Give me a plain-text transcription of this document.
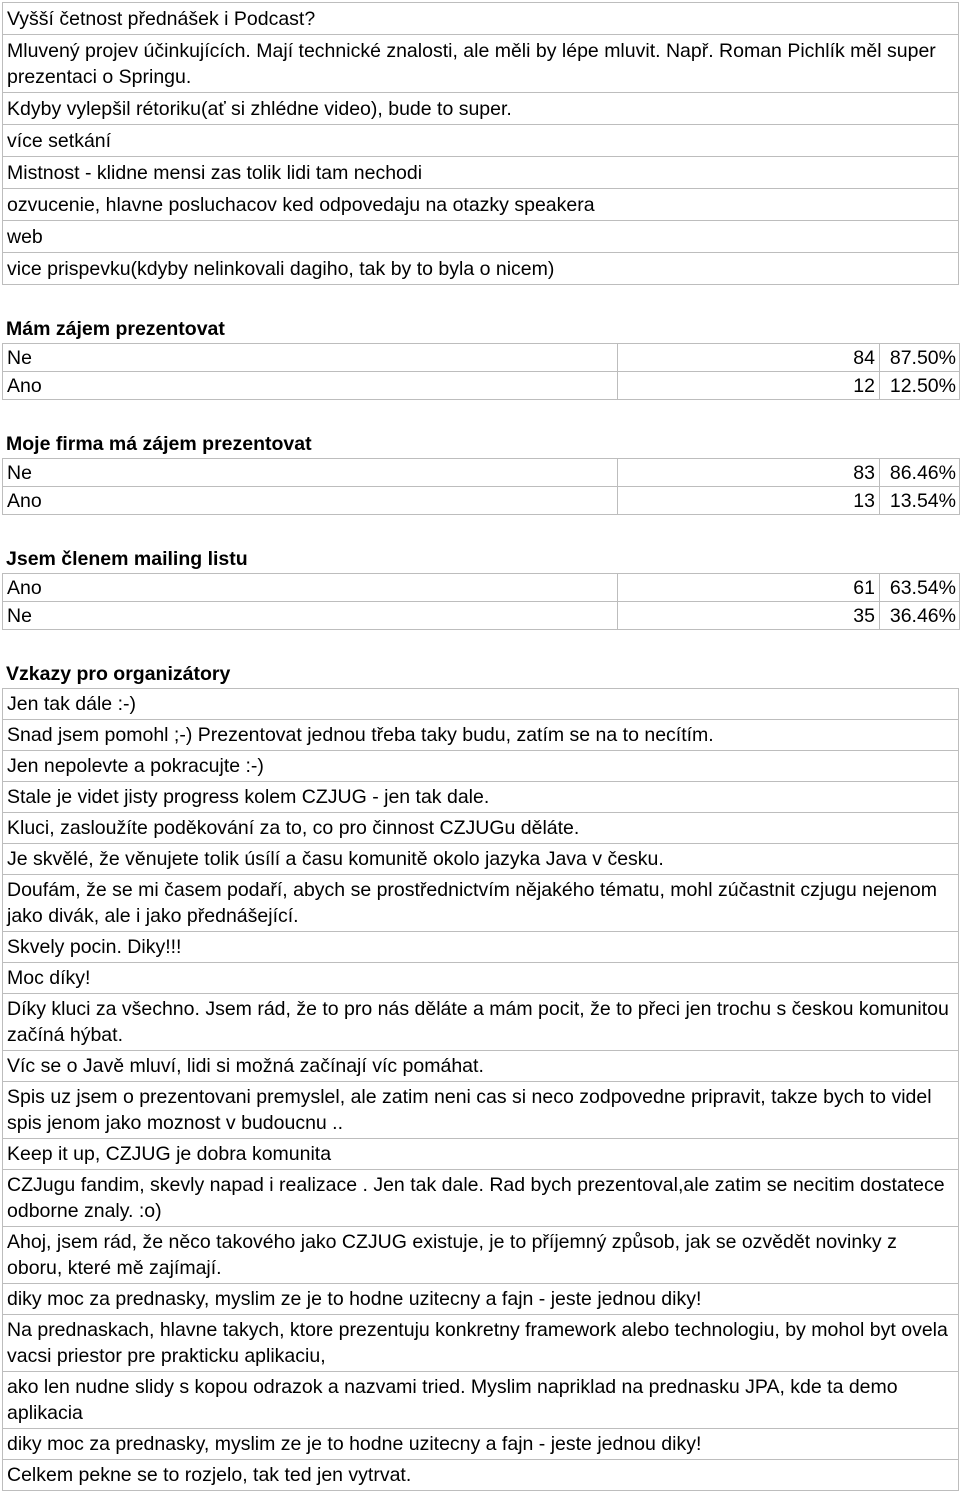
Vyšší četnost přednášek i Podcast?
Mluvený projev účinkujících. Mají technické znalosti, ale měli by lépe mluvit. Např. Roman Pichlík měl super prezentaci o Springu.
Kdyby vylepšil rétoriku(ať si zhlédne video), bude to super.
více setkání
Mistnost - klidne mensi zas tolik lidi tam nechodi
ozvucenie, hlavne posluchacov ked odpovedaju na otazky speakera
web
vice prispevku(kdyby nelinkovali dagiho, tak by to byla o nicem)
Mám zájem prezentovat
Ne	84	87.50%
Ano	12	12.50%
Moje firma má zájem prezentovat
Ne	83	86.46%
Ano	13	13.54%
Jsem členem mailing listu
Ano	61	63.54%
Ne	35	36.46%
Vzkazy pro organizátory
Jen tak dále :-)
Snad jsem pomohl ;-) Prezentovat jednou třeba taky budu, zatím se na to necítím.
Jen nepolevte a pokracujte :-)
Stale je videt jisty progress kolem CZJUG - jen tak dale.
Kluci, zasloužíte poděkování za to, co pro činnost CZJUGu děláte.
Je skvělé, že věnujete tolik úsílí a času komunitě okolo jazyka Java v česku.
Doufám, že se mi časem podaří, abych se prostřednictvím nějakého tématu, mohl zúčastnit czjugu nejenom jako divák, ale i jako přednášející.
Skvely pocin. Diky!!!
Moc díky!
Díky kluci za všechno. Jsem rád, že to pro nás děláte a mám pocit, že to přeci jen trochu s českou komunitou začíná hýbat.
Víc se o Javě mluví, lidi si možná začínají víc pomáhat.
Spis uz jsem o prezentovani premyslel, ale zatim neni cas si neco zodpovedne pripravit, takze bych to videl spis jenom jako moznost v budoucnu ..
Keep it up, CZJUG je dobra komunita
CZJugu fandim, skevly napad i realizace . Jen tak dale. Rad bych prezentoval,ale zatim se necitim dostatece odborne znaly. :o)
Ahoj, jsem rád, že něco takového jako CZJUG existuje, je to příjemný způsob, jak se ozvědět novinky z oboru, které mě zajímají.
diky moc za prednasky, myslim ze je to hodne uzitecny a fajn - jeste jednou diky!
Na prednaskach, hlavne takych, ktore prezentuju konkretny framework alebo technologiu, by mohol byt ovela vacsi priestor pre prakticku aplikaciu,
ako len nudne slidy s kopou odrazok a nazvami tried. Myslim napriklad na prednasku JPA, kde ta demo aplikacia
diky moc za prednasky, myslim ze je to hodne uzitecny a fajn - jeste jednou diky!
Celkem pekne se to rozjelo, tak ted jen vytrvat.
